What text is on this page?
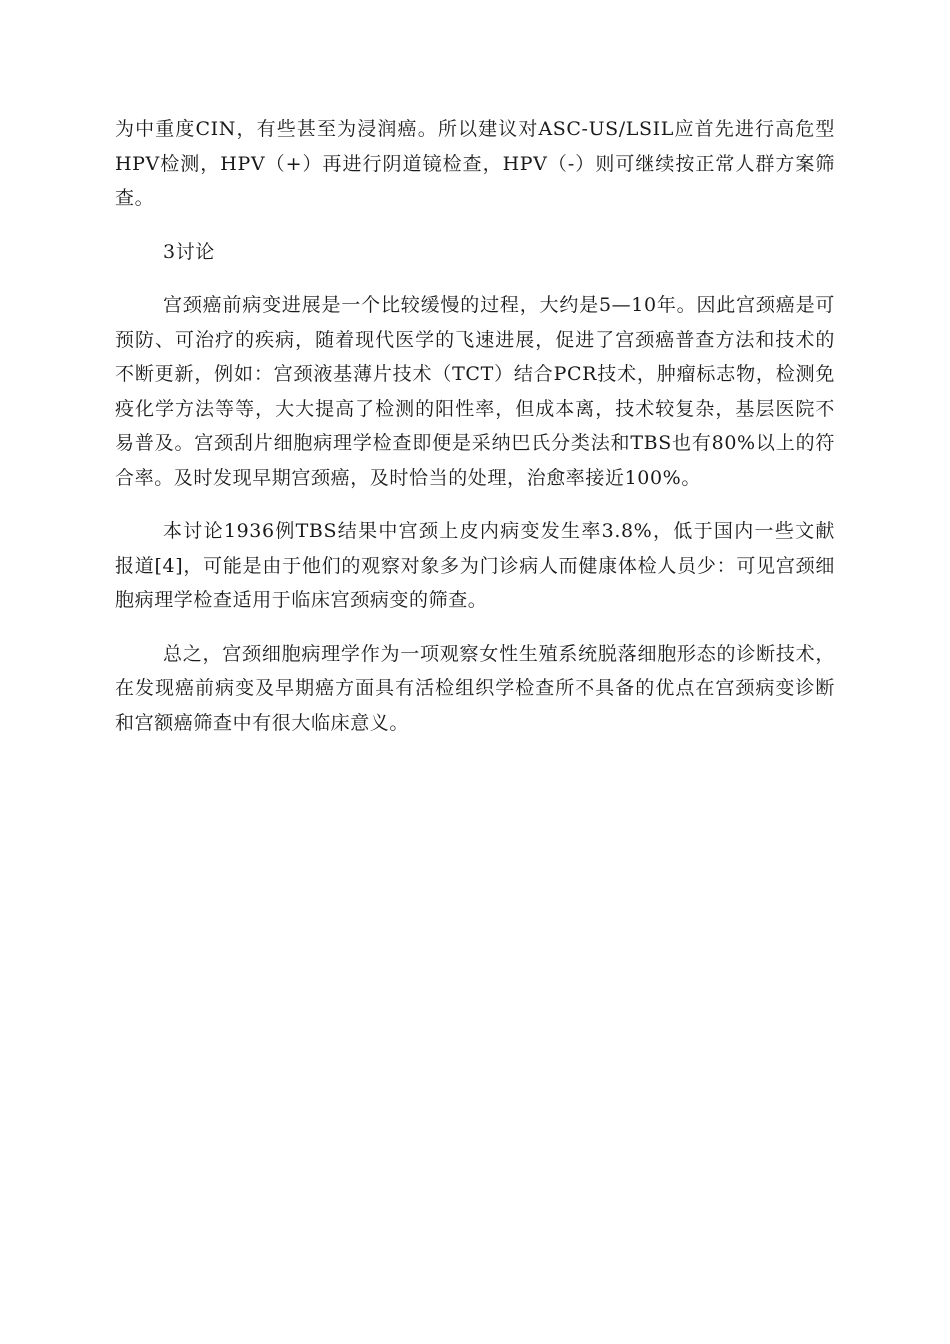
为中重度CIN，有些甚至为浸润癌。所以建议对ASC-US/LSIL应首先进行高危型HPV检测，HPV（+）再进行阴道镜检查，HPV（-）则可继续按正常人群方案筛查。

3讨论

宫颈癌前病变进展是一个比较缓慢的过程，大约是5—10年。因此宫颈癌是可预防、可治疗的疾病，随着现代医学的飞速进展，促进了宫颈癌普查方法和技术的不断更新，例如：宫颈液基薄片技术（TCT）结合PCR技术，肿瘤标志物，检测免疫化学方法等等，大大提高了检测的阳性率，但成本离，技术较复杂，基层医院不易普及。宫颈刮片细胞病理学检查即便是采纳巴氏分类法和TBS也有80%以上的符合率。及时发现早期宫颈癌，及时恰当的处理，治愈率接近100%。

本讨论1936例TBS结果中宫颈上皮内病变发生率3.8%，低于国内一些文献报道[4]，可能是由于他们的观察对象多为门诊病人而健康体检人员少：可见宫颈细胞病理学检查适用于临床宫颈病变的筛查。

总之，宫颈细胞病理学作为一项观察女性生殖系统脱落细胞形态的诊断技术，在发现癌前病变及早期癌方面具有活检组织学检查所不具备的优点在宫颈病变诊断和宫额癌筛查中有很大临床意义。
